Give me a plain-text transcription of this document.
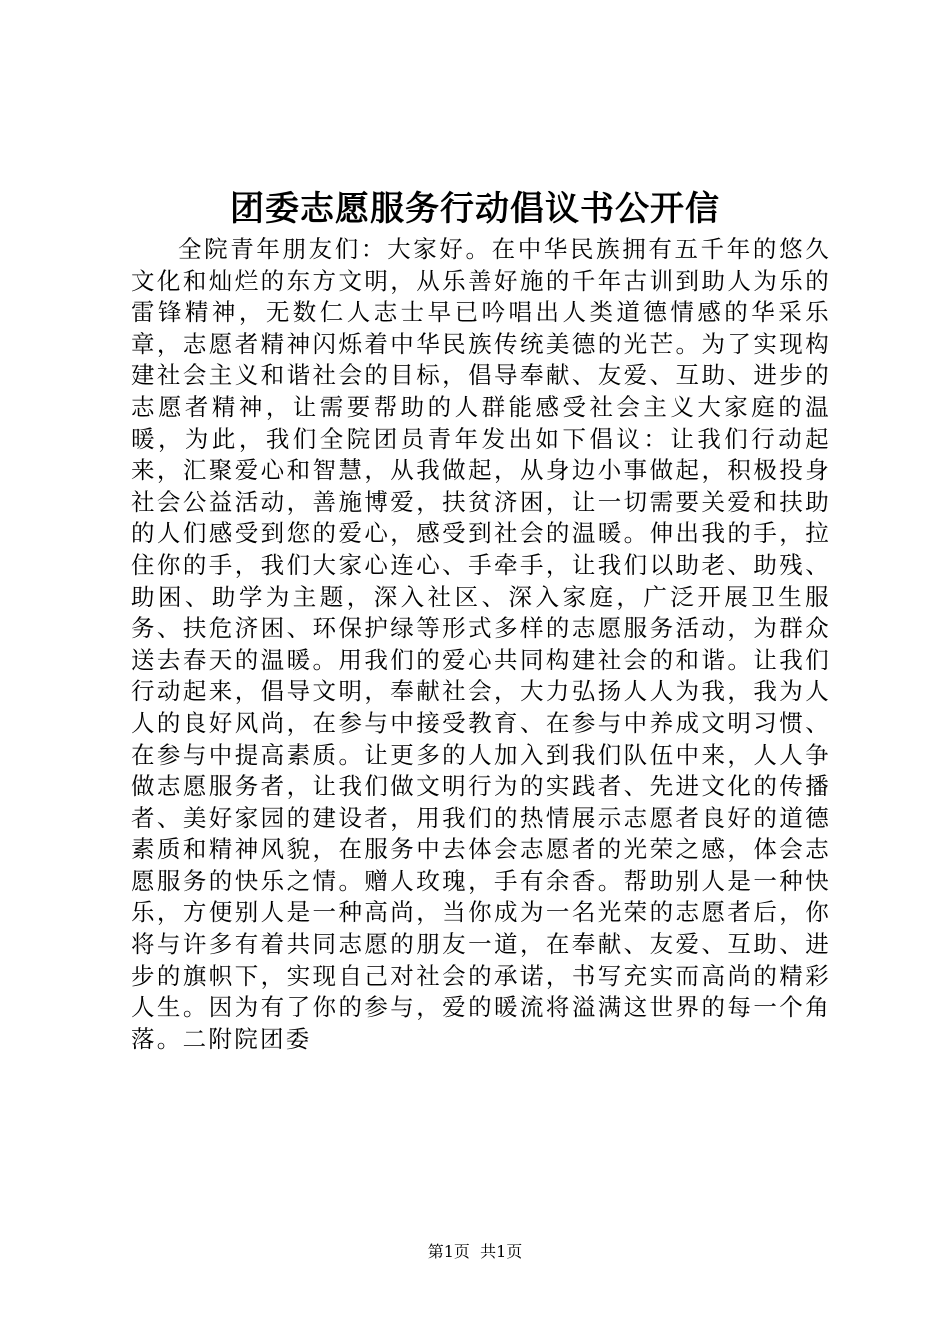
团委志愿服务行动倡议书公开信

全院青年朋友们：大家好。在中华民族拥有五千年的悠久文化和灿烂的东方文明，从乐善好施的千年古训到助人为乐的雷锋精神，无数仁人志士早已吟唱出人类道德情感的华采乐章，志愿者精神闪烁着中华民族传统美德的光芒。为了实现构建社会主义和谐社会的目标，倡导奉献、友爱、互助、进步的志愿者精神，让需要帮助的人群能感受社会主义大家庭的温暖，为此，我们全院团员青年发出如下倡议：让我们行动起来，汇聚爱心和智慧，从我做起，从身边小事做起，积极投身社会公益活动，善施博爱，扶贫济困，让一切需要关爱和扶助的人们感受到您的爱心，感受到社会的温暖。伸出我的手，拉住你的手，我们大家心连心、手牵手，让我们以助老、助残、助困、助学为主题，深入社区、深入家庭，广泛开展卫生服务、扶危济困、环保护绿等形式多样的志愿服务活动，为群众送去春天的温暖。用我们的爱心共同构建社会的和谐。让我们行动起来，倡导文明，奉献社会，大力弘扬人人为我，我为人人的良好风尚，在参与中接受教育、在参与中养成文明习惯、在参与中提高素质。让更多的人加入到我们队伍中来，人人争做志愿服务者，让我们做文明行为的实践者、先进文化的传播者、美好家园的建设者，用我们的热情展示志愿者良好的道德素质和精神风貌，在服务中去体会志愿者的光荣之感，体会志愿服务的快乐之情。赠人玫瑰，手有余香。帮助别人是一种快乐，方便别人是一种高尚，当你成为一名光荣的志愿者后，你将与许多有着共同志愿的朋友一道，在奉献、友爱、互助、进步的旗帜下，实现自己对社会的承诺，书写充实而高尚的精彩人生。因为有了你的参与，爱的暖流将溢满这世界的每一个角落。二附院团委

第1页  共1页
